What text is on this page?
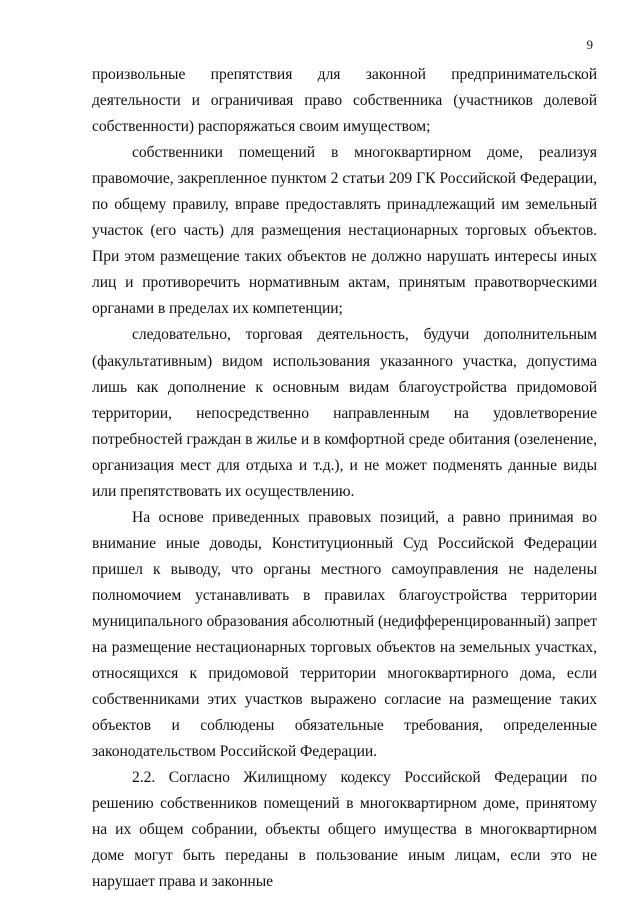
9

произвольные препятствия для законной предпринимательской деятельности и ограничивая право собственника (участников долевой собственности) распоряжаться своим имуществом;

собственники помещений в многоквартирном доме, реализуя правомочие, закрепленное пунктом 2 статьи 209 ГК Российской Федерации, по общему правилу, вправе предоставлять принадлежащий им земельный участок (его часть) для размещения нестационарных торговых объектов. При этом размещение таких объектов не должно нарушать интересы иных лиц и противоречить нормативным актам, принятым правотворческими органами в пределах их компетенции;

следовательно, торговая деятельность, будучи дополнительным (факультативным) видом использования указанного участка, допустима лишь как дополнение к основным видам благоустройства придомовой территории, непосредственно направленным на удовлетворение потребностей граждан в жилье и в комфортной среде обитания (озеленение, организация мест для отдыха и т.д.), и не может подменять данные виды или препятствовать их осуществлению.

На основе приведенных правовых позиций, а равно принимая во внимание иные доводы, Конституционный Суд Российской Федерации пришел к выводу, что органы местного самоуправления не наделены полномочием устанавливать в правилах благоустройства территории муниципального образования абсолютный (недифференцированный) запрет на размещение нестационарных торговых объектов на земельных участках, относящихся к придомовой территории многоквартирного дома, если собственниками этих участков выражено согласие на размещение таких объектов и соблюдены обязательные требования, определенные законодательством Российской Федерации.

2.2. Согласно Жилищному кодексу Российской Федерации по решению собственников помещений в многоквартирном доме, принятому на их общем собрании, объекты общего имущества в многоквартирном доме могут быть переданы в пользование иным лицам, если это не нарушает права и законные
